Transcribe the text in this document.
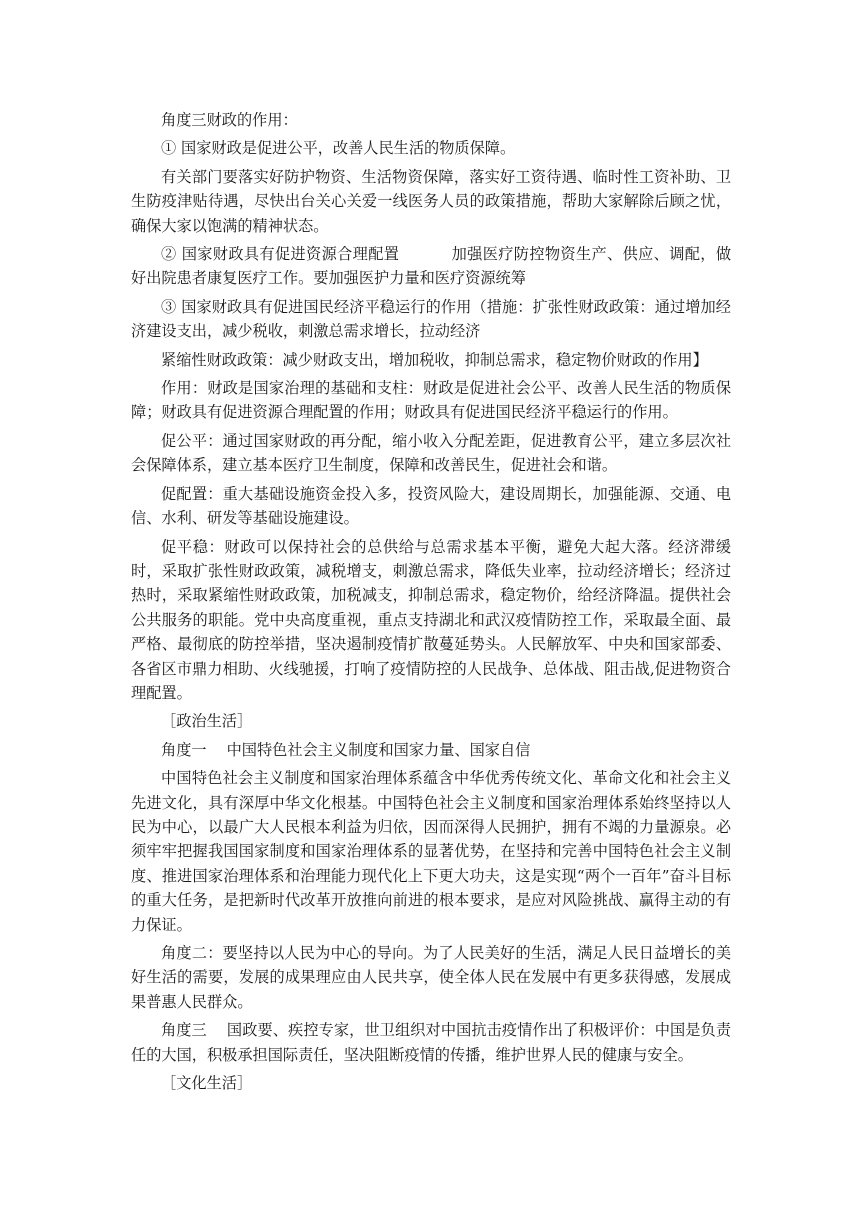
角度三财政的作用：

① 国家财政是促进公平，改善人民生活的物质保障。

有关部门要落实好防护物资、生活物资保障，落实好工资待遇、临时性工资补助、卫生防疫津贴待遇，尽快出台关心关爱一线医务人员的政策措施，帮助大家解除后顾之忧，确保大家以饱满的精神状态。

② 国家财政具有促进资源合理配置	加强医疗防控物资生产、供应、调配，做好出院患者康复医疗工作。要加强医护力量和医疗资源统筹

③ 国家财政具有促进国民经济平稳运行的作用（措施：扩张性财政政策：通过增加经济建设支出，减少税收，刺激总需求增长，拉动经济

紧缩性财政政策：减少财政支出，增加税收，抑制总需求，稳定物价财政的作用】

作用：财政是国家治理的基础和支柱：财政是促进社会公平、改善人民生活的物质保障；财政具有促进资源合理配置的作用；财政具有促进国民经济平稳运行的作用。

促公平：通过国家财政的再分配，缩小收入分配差距，促进教育公平，建立多层次社会保障体系，建立基本医疗卫生制度，保障和改善民生，促进社会和谐。

促配置：重大基础设施资金投入多，投资风险大，建设周期长，加强能源、交通、电信、水利、研发等基础设施建设。

促平稳：财政可以保持社会的总供给与总需求基本平衡，避免大起大落。经济滞缓时，采取扩张性财政政策，减税增支，刺激总需求，降低失业率，拉动经济增长；经济过热时，采取紧缩性财政政策，加税减支，抑制总需求，稳定物价，给经济降温。提供社会公共服务的职能。党中央高度重视，重点支持湖北和武汉疫情防控工作，采取最全面、最严格、最彻底的防控举措，坚决遏制疫情扩散蔓延势头。人民解放军、中央和国家部委、各省区市鼎力相助、火线驰援，打响了疫情防控的人民战争、总体战、阻击战,促进物资合理配置。

［政治生活］

角度一 中国特色社会主义制度和国家力量、国家自信

中国特色社会主义制度和国家治理体系蕴含中华优秀传统文化、革命文化和社会主义先进文化，具有深厚中华文化根基。中国特色社会主义制度和国家治理体系始终坚持以人民为中心，以最广大人民根本利益为归依，因而深得人民拥护，拥有不竭的力量源泉。必须牢牢把握我国国家制度和国家治理体系的显著优势，在坚持和完善中国特色社会主义制度、推进国家治理体系和治理能力现代化上下更大功夫，这是实现“两个一百年”奋斗目标的重大任务，是把新时代改革开放推向前进的根本要求，是应对风险挑战、赢得主动的有力保证。

角度二：要坚持以人民为中心的导向。为了人民美好的生活，满足人民日益增长的美好生活的需要，发展的成果理应由人民共享，使全体人民在发展中有更多获得感，发展成果普惠人民群众。

角度三 国政要、疾控专家，世卫组织对中国抗击疫情作出了积极评价：中国是负责任的大国，积极承担国际责任，坚决阻断疫情的传播，维护世界人民的健康与安全。

［文化生活］
